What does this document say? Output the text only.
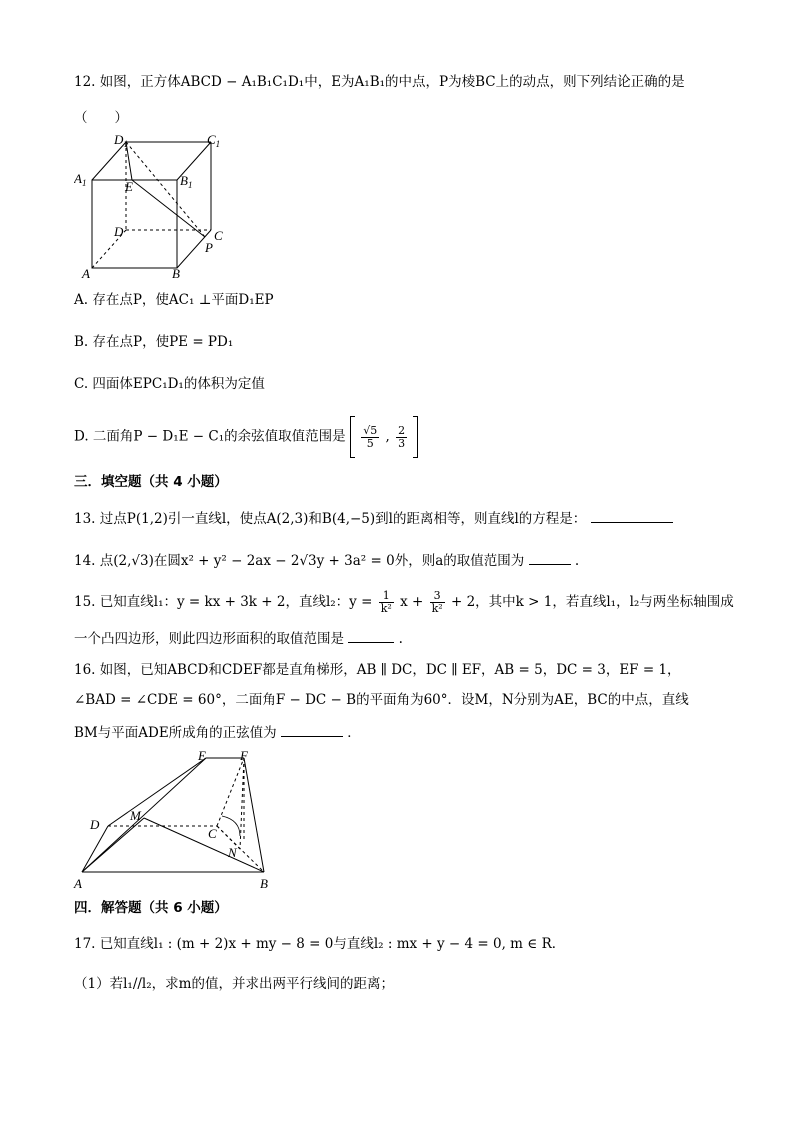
12. 如图，正方体ABCD − A₁B₁C₁D₁中，E为A₁B₁的中点，P为棱BC上的动点，则下列结论正确的是
（　　）
$D_1$	$C_1$
$A_1$	E	$B_1$
D	C
P
A	B
A. 存在点P，使AC₁ ⊥平面D₁EP
B. 存在点P，使PE = PD₁
C. 四面体EPC₁D₁的体积为定值
D. 二面角P − D₁E − C₁的余弦值取值范围是 $\frac{√5}{5}$ , $\frac{2}{3}$

三．填空题（共 4 小题）
13. 过点P(1,2)引一直线l，使点A(2,3)和B(4,−5)到l的距离相等，则直线l的方程是：
14. 点(2,√3)在圆x² + y² − 2ax − 2√3y + 3a² = 0外，则a的取值范围为	.
15. 已知直线l₁：y = kx + 3k + 2，直线l₂：$y = \frac{1}{\text{k²}}$ $x + \frac{3}{\text{k²}} + 2$，其中k > 1，若直线l₁，l₂与两坐标轴围成
一个凸四边形，则此四边形面积的取值范围是	.
16. 如图，已知ABCD和CDEF都是直角梯形，AB ∥ DC，DC ∥ EF，AB = 5，DC = 3，EF = 1，
∠BAD = ∠CDE = 60°，二面角F − DC − B的平面角为60°．设M，N分别为AE，BC的中点，直线
BM与平面ADE所成角的正弦值为	．
E	F
D
M
C
N
A	B
四．解答题（共 6 小题）
17. 已知直线l₁ : (m + 2)x + my − 8 = 0与直线l₂ : mx + y − 4 = 0, m ∈ R．
（1）若l₁//l₂，求m的值，并求出两平行线间的距离；
